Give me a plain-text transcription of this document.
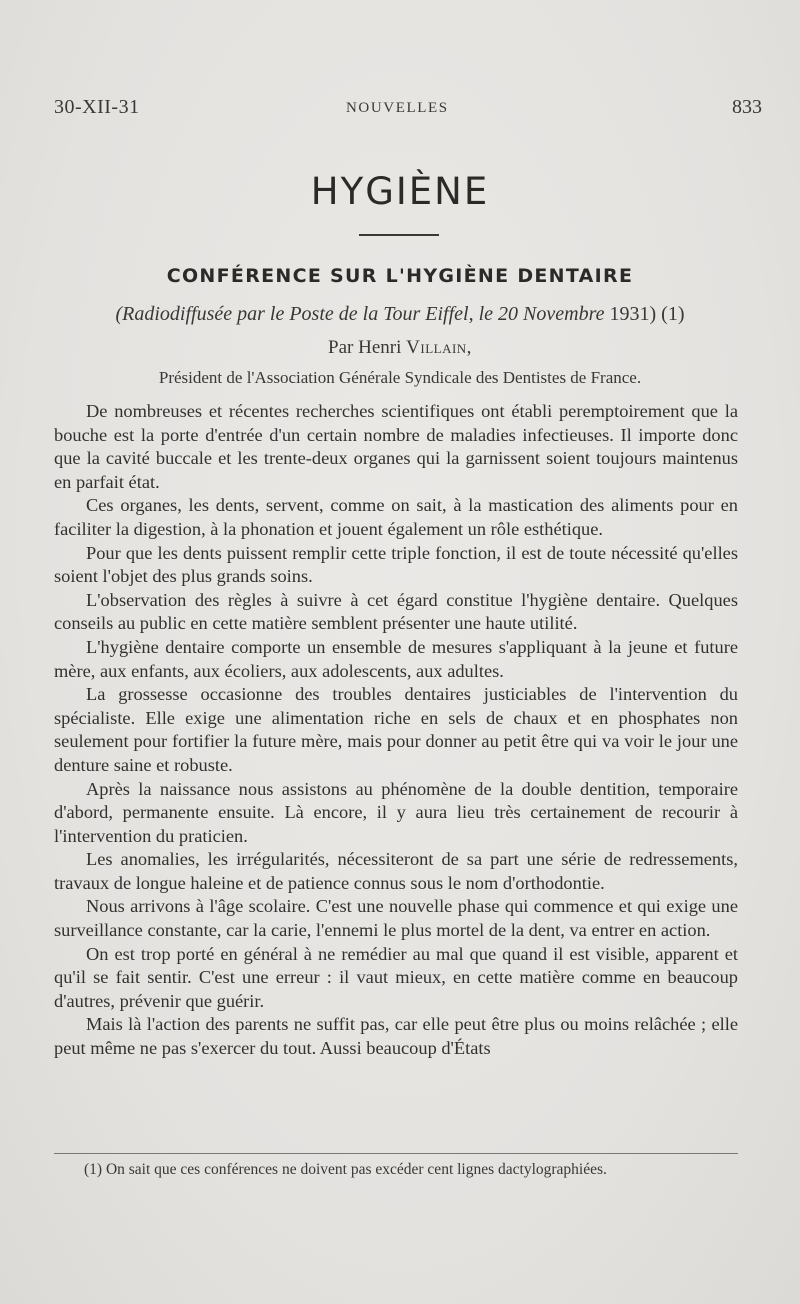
30-XII-31	NOUVELLES	833
HYGIÈNE
CONFÉRENCE SUR L'HYGIÈNE DENTAIRE
(Radiodiffusée par le Poste de la Tour Eiffel, le 20 Novembre 1931) (1)
Par Henri Villain,
Président de l'Association Générale Syndicale des Dentistes de France.

De nombreuses et récentes recherches scientifiques ont établi peremptoirement que la bouche est la porte d'entrée d'un certain nombre de maladies infectieuses. Il importe donc que la cavité buccale et les trente-deux organes qui la garnissent soient toujours maintenus en parfait état.

Ces organes, les dents, servent, comme on sait, à la mastication des aliments pour en faciliter la digestion, à la phonation et jouent également un rôle esthétique.

Pour que les dents puissent remplir cette triple fonction, il est de toute nécessité qu'elles soient l'objet des plus grands soins.

L'observation des règles à suivre à cet égard constitue l'hygiène dentaire. Quelques conseils au public en cette matière semblent présenter une haute utilité.

L'hygiène dentaire comporte un ensemble de mesures s'appliquant à la jeune et future mère, aux enfants, aux écoliers, aux adolescents, aux adultes.

La grossesse occasionne des troubles dentaires justiciables de l'intervention du spécialiste. Elle exige une alimentation riche en sels de chaux et en phosphates non seulement pour fortifier la future mère, mais pour donner au petit être qui va voir le jour une denture saine et robuste.

Après la naissance nous assistons au phénomène de la double dentition, temporaire d'abord, permanente ensuite. Là encore, il y aura lieu très certainement de recourir à l'intervention du praticien.

Les anomalies, les irrégularités, nécessiteront de sa part une série de redressements, travaux de longue haleine et de patience connus sous le nom d'orthodontie.

Nous arrivons à l'âge scolaire. C'est une nouvelle phase qui commence et qui exige une surveillance constante, car la carie, l'ennemi le plus mortel de la dent, va entrer en action.

On est trop porté en général à ne remédier au mal que quand il est visible, apparent et qu'il se fait sentir. C'est une erreur : il vaut mieux, en cette matière comme en beaucoup d'autres, prévenir que guérir.

Mais là l'action des parents ne suffit pas, car elle peut être plus ou moins relâchée ; elle peut même ne pas s'exercer du tout. Aussi beaucoup d'États

(1) On sait que ces conférences ne doivent pas excéder cent lignes dactylographiées.
